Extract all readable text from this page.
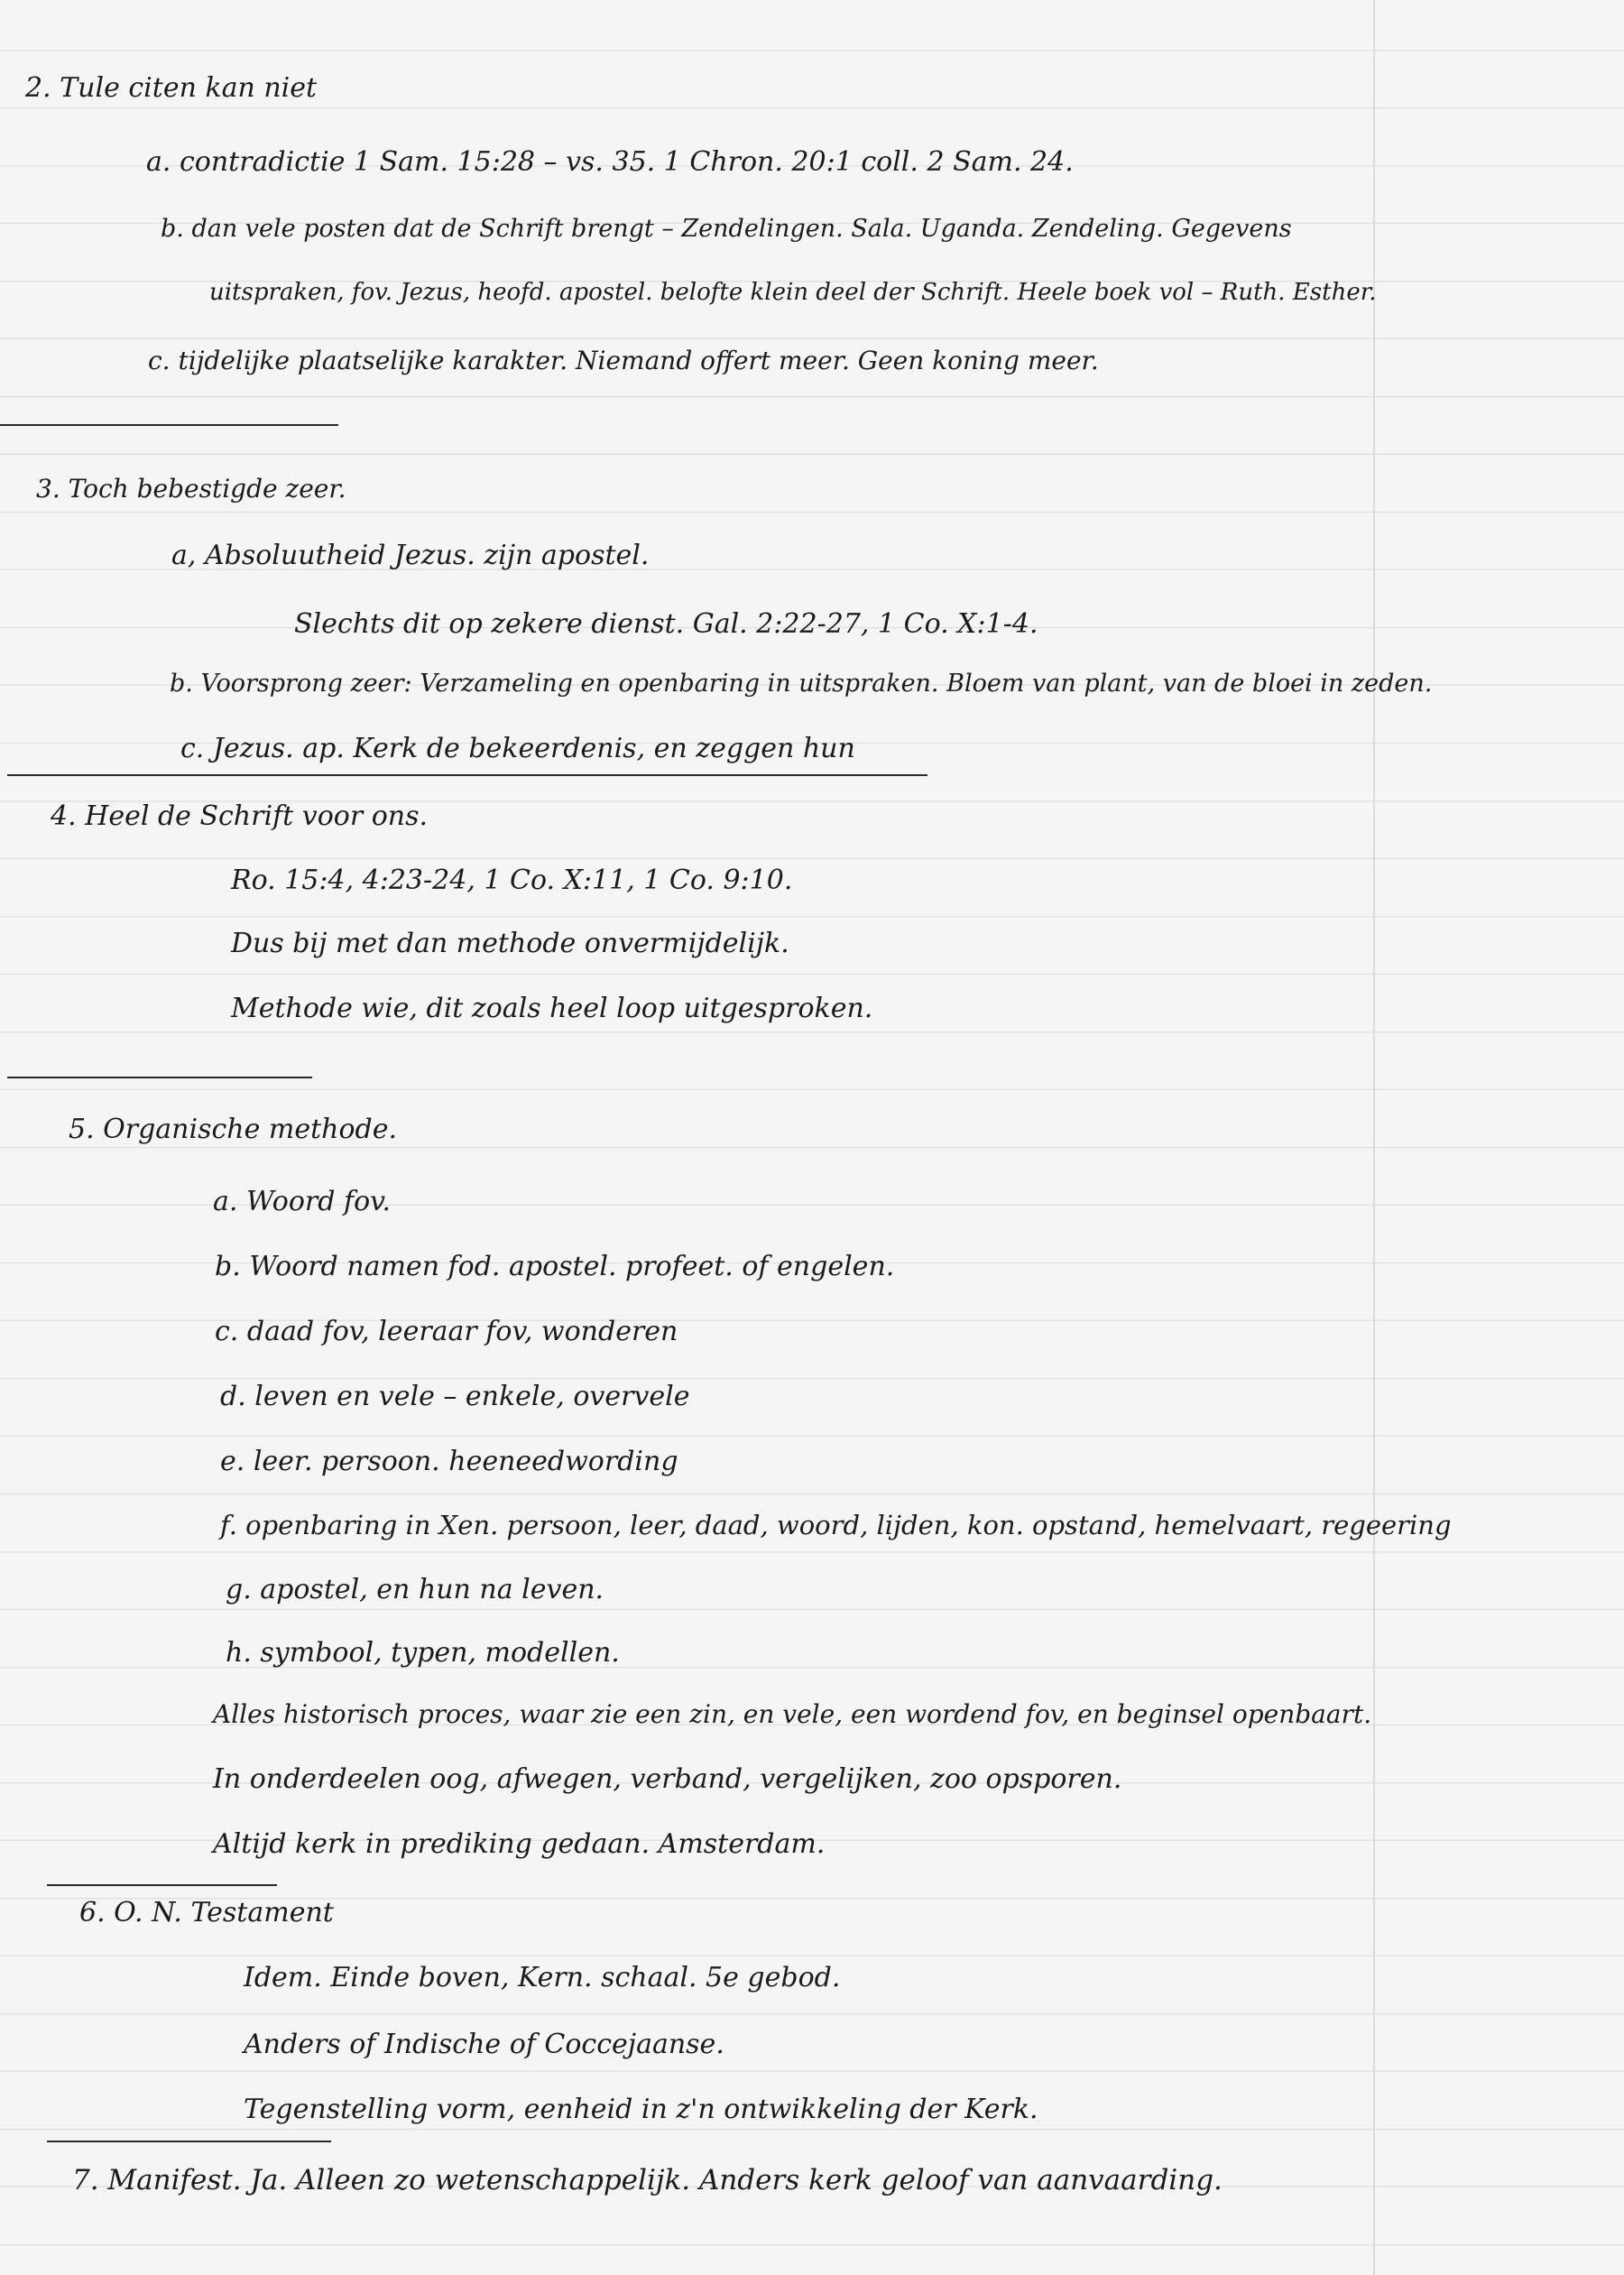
2. Tule citen kan niet
a. contradictie 1 Sam. 15:28 – vs. 35. 1 Chron. 20:1 coll. 2 Sam. 24.
b. dan vele posten dat de Schrift brengt – Zendelingen. Sala. Uganda. Zendeling. Gegevens
uitspraken, fov. Jezus, heofd. apostel. belofte klein deel der Schrift. Heele boek vol – Ruth. Esther.
c. tijdelijke plaatselijke karakter. Niemand offert meer. Geen koning meer.
3. Toch bebestigde zeer.
a, Absoluutheid Jezus. zijn apostel.
Slechts dit op zekere dienst. Gal. 2:22-27, 1 Co. X:1-4.
b. Voorsprong zeer: Verzameling en openbaring in uitspraken. Bloem van plant, van de bloei in zeden.
c. Jezus. ap. Kerk de bekeerdenis, en zeggen hun
4. Heel de Schrift voor ons.
Ro. 15:4, 4:23-24, 1 Co. X:11, 1 Co. 9:10.
Dus bij met dan methode onvermijdelijk.
Methode wie, dit zoals heel loop uitgesproken.
5. Organische methode.
a. Woord fov.
b. Woord namen fod. apostel. profeet. of engelen.
c. daad fov, leeraar fov, wonderen
d. leven en vele – enkele, overvele
e. leer. persoon. heeneedwording
f. openbaring in Xen. persoon, leer, daad, woord, lijden, kon. opstand, hemelvaart, regeering
g. apostel, en hun na leven.
h. symbool, typen, modellen.
Alles historisch proces, waar zie een zin, en vele, een wordend fov, en beginsel openbaart.
In onderdeelen oog, afwegen, verband, vergelijken, zoo opsporen.
Altijd kerk in prediking gedaan. Amsterdam.
6. O. N. Testament
Idem. Einde boven, Kern. schaal. 5e gebod.
Anders of Indische of Coccejaanse.
Tegenstelling vorm, eenheid in z'n ontwikkeling der Kerk.
7. Manifest. Ja. Alleen zo wetenschappelijk. Anders kerk geloof van aanvaarding.
